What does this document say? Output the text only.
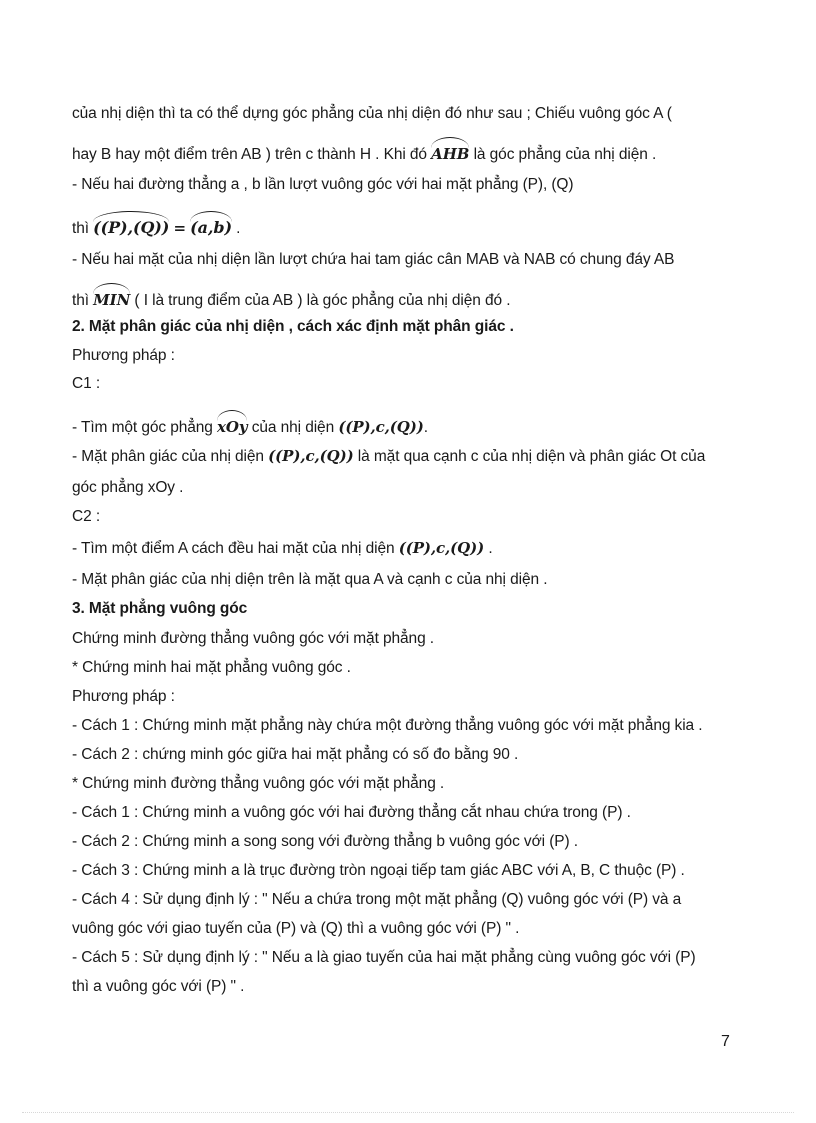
của nhị diện thì ta có thể dựng góc phẳng của nhị diện đó như sau ; Chiếu vuông góc A (
hay B hay một điểm trên AB ) trên c thành H . Khi đó AHB là góc phẳng của nhị diện .
- Nếu hai đường thẳng a , b lần lượt vuông góc với hai mặt phẳng (P), (Q)
thì ((P),(Q)) = (a,b) .
- Nếu hai mặt của nhị diện lần lượt chứa hai tam giác cân MAB và NAB có chung đáy AB
thì MIN ( I là trung điểm của AB ) là góc phẳng của nhị diện đó .
2. Mặt phân giác của nhị diện , cách xác định mặt phân giác .
Phương pháp :
C1 :
- Tìm một góc phẳng xOy của nhị diện ((P),c,(Q)).
- Mặt phân giác của nhị diện ((P),c,(Q)) là mặt qua cạnh c của nhị diện và phân giác Ot của
góc phẳng xOy .
C2 :
- Tìm một điểm A cách đều hai mặt của nhị diện ((P),c,(Q)) .
- Mặt phân giác của nhị diện trên là mặt qua A và cạnh c của nhị diện .
3. Mặt phẳng vuông góc
Chứng minh đường thẳng vuông góc với mặt phẳng .
* Chứng minh hai mặt phẳng vuông góc .
Phương pháp :
- Cách 1 : Chứng minh mặt phẳng này chứa một đường thẳng vuông góc với mặt phẳng kia .
- Cách 2 : chứng minh góc giữa hai mặt phẳng có số đo bằng 90 .
* Chứng minh đường thẳng vuông góc với mặt phẳng .
- Cách 1 : Chứng minh a vuông góc với hai đường thẳng cắt nhau chứa trong (P) .
- Cách 2 : Chứng minh a song song với đường thẳng b vuông góc với (P) .
- Cách 3 : Chứng minh a là trục đường tròn ngoại tiếp tam giác ABC với A, B, C thuộc (P) .
- Cách 4 : Sử dụng định lý : " Nếu a chứa trong một mặt phẳng (Q) vuông góc với (P) và a
vuông góc với giao tuyến của (P) và (Q) thì a vuông góc với (P) " .
- Cách 5 : Sử dụng định lý : " Nếu a là giao tuyến của hai mặt phẳng cùng vuông góc với (P)
thì a vuông góc với (P) " .
7
